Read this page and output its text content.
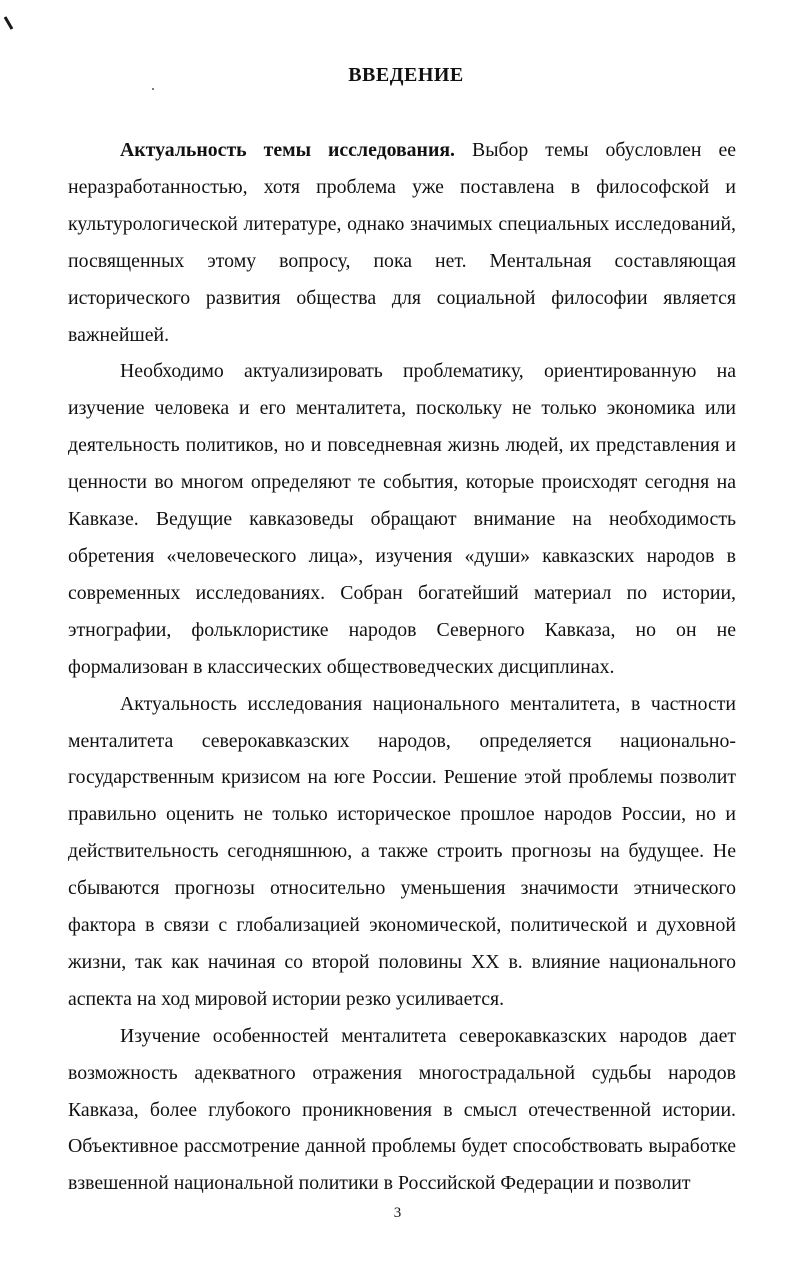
ВВЕДЕНИЕ

Актуальность темы исследования. Выбор темы обусловлен ее неразработанностью, хотя проблема уже поставлена в философской и культурологической литературе, однако значимых специальных исследований, посвященных этому вопросу, пока нет. Ментальная составляющая исторического развития общества для социальной философии является важнейшей.

Необходимо актуализировать проблематику, ориентированную на изучение человека и его менталитета, поскольку не только экономика или деятельность политиков, но и повседневная жизнь людей, их представления и ценности во многом определяют те события, которые происходят сегодня на Кавказе. Ведущие кавказоведы обращают внимание на необходимость обретения «человеческого лица», изучения «души» кавказских народов в современных исследованиях. Собран богатейший материал по истории, этнографии, фольклористике народов Северного Кавказа, но он не формализован в классических обществоведческих дисциплинах.

Актуальность исследования национального менталитета, в частности менталитета северокавказских народов, определяется национально-государственным кризисом на юге России. Решение этой проблемы позволит правильно оценить не только историческое прошлое народов России, но и действительность сегодняшнюю, а также строить прогнозы на будущее. Не сбываются прогнозы относительно уменьшения значимости этнического фактора в связи с глобализацией экономической, политической и духовной жизни, так как начиная со второй половины XX в. влияние национального аспекта на ход мировой истории резко усиливается.

Изучение особенностей менталитета северокавказских народов дает возможность адекватного отражения многострадальной судьбы народов Кавказа, более глубокого проникновения в смысл отечественной истории. Объективное рассмотрение данной проблемы будет способствовать выработке взвешенной национальной политики в Российской Федерации и позволит

3
